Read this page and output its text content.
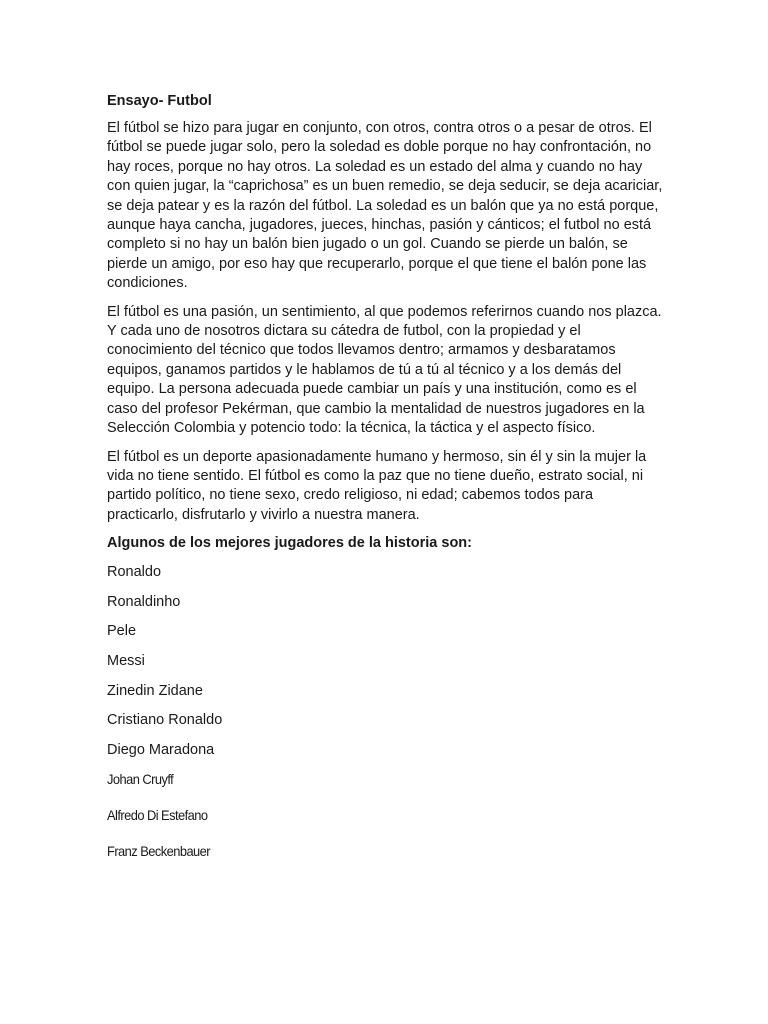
Ensayo- Futbol

El fútbol se hizo para jugar en conjunto, con otros, contra otros o a pesar de otros. El fútbol se puede jugar solo, pero la soledad es doble porque no hay confrontación, no hay roces, porque no hay otros. La soledad es un estado del alma y cuando no hay con quien jugar, la “caprichosa” es un buen remedio, se deja seducir, se deja acariciar, se deja patear y es la razón del fútbol. La soledad es un balón que ya no está porque, aunque haya cancha, jugadores, jueces, hinchas, pasión y cánticos; el futbol no está completo si no hay un balón bien jugado o un gol. Cuando se pierde un balón, se pierde un amigo, por eso hay que recuperarlo, porque el que tiene el balón pone las condiciones.

El fútbol es una pasión, un sentimiento, al que podemos referirnos cuando nos plazca. Y cada uno de nosotros dictara su cátedra de futbol, con la propiedad y el conocimiento del técnico que todos llevamos dentro; armamos y desbaratamos equipos, ganamos partidos y le hablamos de tú a tú al técnico y a los demás del equipo. La persona adecuada puede cambiar un país y una institución, como es el caso del profesor Pekérman, que cambio la mentalidad de nuestros jugadores en la Selección Colombia y potencio todo: la técnica, la táctica y el aspecto físico.

El fútbol es un deporte apasionadamente humano y hermoso, sin él y sin la mujer la vida no tiene sentido. El fútbol es como la paz que no tiene dueño, estrato social, ni partido político, no tiene sexo, credo religioso, ni edad; cabemos todos para practicarlo, disfrutarlo y vivirlo a nuestra manera.

Algunos de los mejores jugadores de la historia son:
Ronaldo
Ronaldinho
Pele
Messi
Zinedin Zidane
Cristiano Ronaldo
Diego Maradona
Johan Cruyff
Alfredo Di Estefano
Franz Beckenbauer
